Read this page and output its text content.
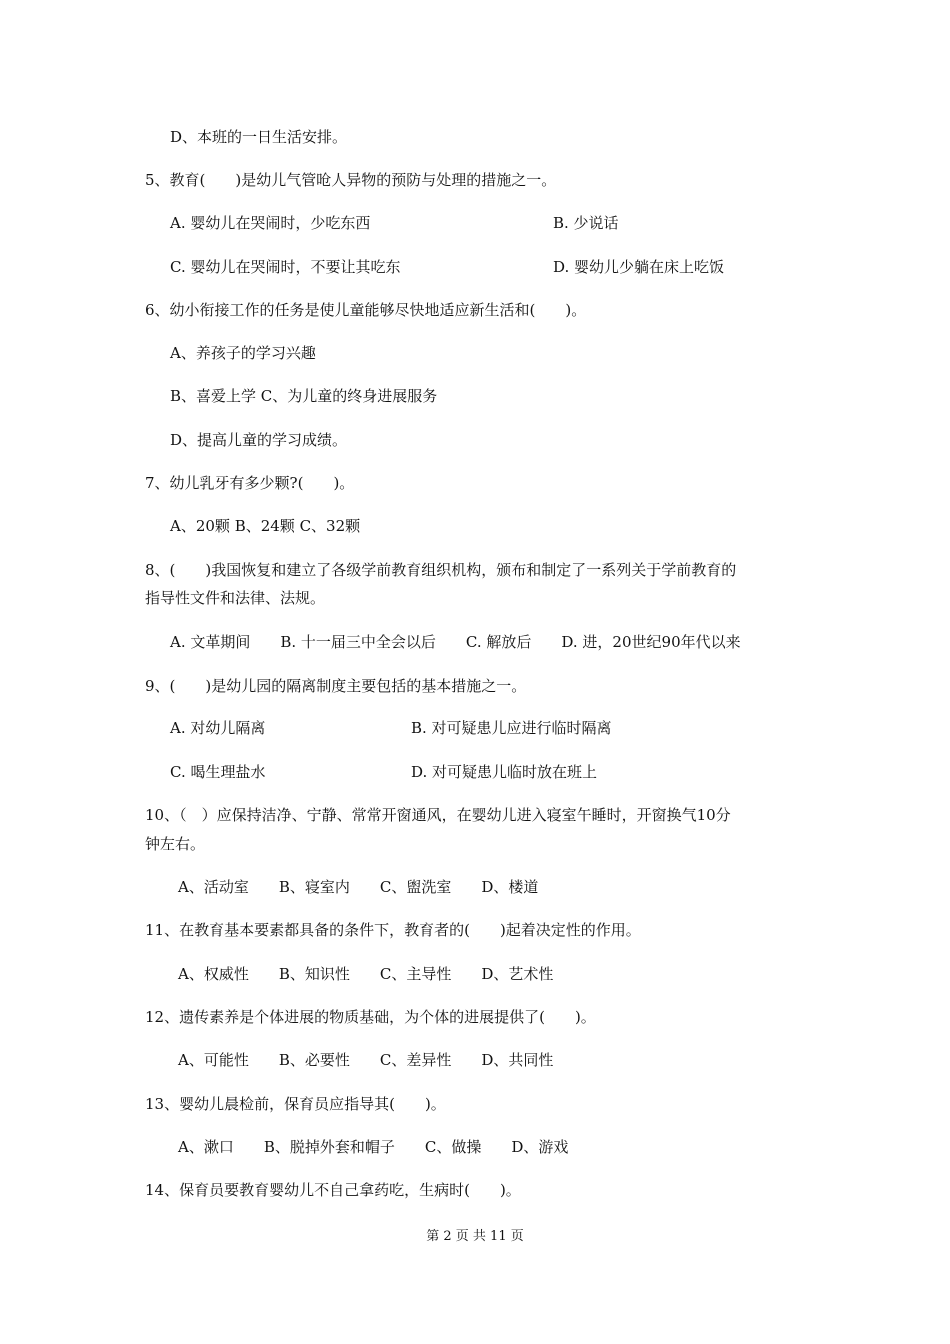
D、本班的一日生活安排。
5、教育(　　)是幼儿气管呛人异物的预防与处理的措施之一。
A. 婴幼儿在哭闹时，少吃东西	B. 少说话
C. 婴幼儿在哭闹时，不要让其吃东	D. 婴幼儿少躺在床上吃饭
6、幼小衔接工作的任务是使儿童能够尽快地适应新生活和(　　)。
A、养孩子的学习兴趣
B、喜爱上学 C、为儿童的终身进展服务
D、提高儿童的学习成绩。
7、幼儿乳牙有多少颗?(　　)。
A、20颗 B、24颗 C、32颗
8、(　　)我国恢复和建立了各级学前教育组织机构，颁布和制定了一系列关于学前教育的
指导性文件和法律、法规。
A. 文革期间　　B. 十一届三中全会以后　　C. 解放后　　D. 进，20世纪90年代以来
9、(　　)是幼儿园的隔离制度主要包括的基本措施之一。
A. 对幼儿隔离	B. 对可疑患儿应进行临时隔离
C. 喝生理盐水	D. 对可疑患儿临时放在班上
10、（　）应保持洁净、宁静、常常开窗通风，在婴幼儿进入寝室午睡时，开窗换气10分
钟左右。
A、活动室　　B、寝室内　　C、盥洗室　　D、楼道
11、在教育基本要素都具备的条件下，教育者的(　　)起着决定性的作用。
A、权威性　　B、知识性　　C、主导性　　D、艺术性
12、遗传素养是个体进展的物质基础，为个体的进展提供了(　　)。
A、可能性　　B、必要性　　C、差异性　　D、共同性
13、婴幼儿晨检前，保育员应指导其(　　)。
A、漱口　　B、脱掉外套和帽子　　C、做操　　D、游戏
14、保育员要教育婴幼儿不自己拿药吃，生病时(　　)。
第 2 页 共 11 页
